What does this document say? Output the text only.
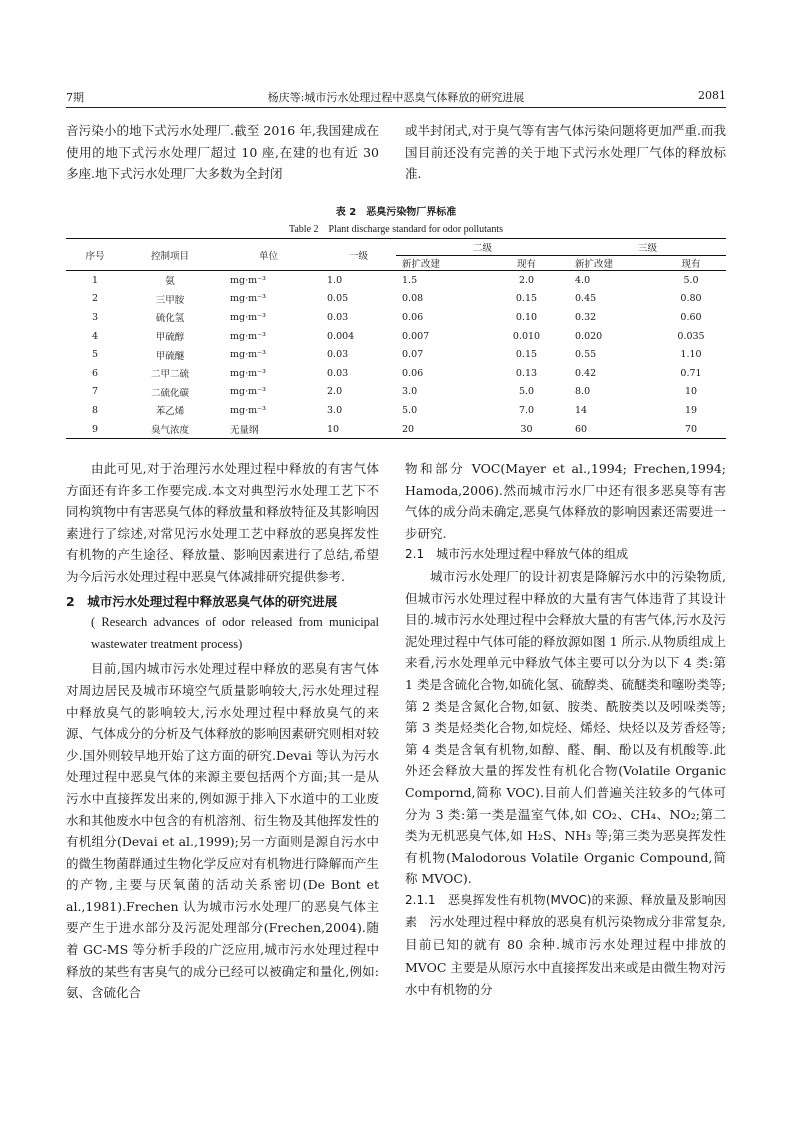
7期	杨庆等:城市污水处理过程中恶臭气体释放的研究进展	2081

音污染小的地下式污水处理厂.截至 2016 年,我国建成在使用的地下式污水处理厂超过 10 座,在建的也有近 30 多座.地下式污水处理厂大多数为全封闭

或半封闭式,对于臭气等有害气体污染问题将更加严重.而我国目前还没有完善的关于地下式污水处理厂气体的释放标准.

表 2　恶臭污染物厂界标准
Table 2　Plant discharge standard for odor pollutants
序号	控制项目	单位	一级	二级		三级	
				新扩改建	现有	新扩改建	现有
1	氨	mg·m⁻³	1.0	1.5	2.0	4.0	5.0
2	三甲胺	mg·m⁻³	0.05	0.08	0.15	0.45	0.80
3	硫化氢	mg·m⁻³	0.03	0.06	0.10	0.32	0.60
4	甲硫醇	mg·m⁻³	0.004	0.007	0.010	0.020	0.035
5	甲硫醚	mg·m⁻³	0.03	0.07	0.15	0.55	1.10
6	二甲二硫	mg·m⁻³	0.03	0.06	0.13	0.42	0.71
7	二硫化碳	mg·m⁻³	2.0	3.0	5.0	8.0	10
8	苯乙烯	mg·m⁻³	3.0	5.0	7.0	14	19
9	臭气浓度	无量纲	10	20	30	60	70

由此可见,对于治理污水处理过程中释放的有害气体方面还有许多工作要完成.本文对典型污水处理工艺下不同构筑物中有害恶臭气体的释放量和释放特征及其影响因素进行了综述,对常见污水处理工艺中释放的恶臭挥发性有机物的产生途径、释放量、影响因素进行了总结,希望为今后污水处理过程中恶臭气体减排研究提供参考.

2　城市污水处理过程中释放恶臭气体的研究进展

( Research advances of odor released from municipal wastewater treatment process)

目前,国内城市污水处理过程中释放的恶臭有害气体对周边居民及城市环境空气质量影响较大,污水处理过程中释放臭气的影响较大,污水处理过程中释放臭气的来源、气体成分的分析及气体释放的影响因素研究则相对较少.国外则较早地开始了这方面的研究.Devai 等认为污水处理过程中恶臭气体的来源主要包括两个方面;其一是从污水中直接挥发出来的,例如源于排入下水道中的工业废水和其他废水中包含的有机溶剂、衍生物及其他挥发性的有机组分(Devai et al.,1999);另一方面则是源自污水中的微生物菌群通过生物化学反应对有机物进行降解而产生的产物,主要与厌氧菌的活动关系密切(De Bont et al.,1981).Frechen 认为城市污水处理厂的恶臭气体主要产生于进水部分及污泥处理部分(Frechen,2004).随着 GC-MS 等分析手段的广泛应用,城市污水处理过程中释放的某些有害臭气的成分已经可以被确定和量化,例如:氨、含硫化合

物和部分 VOC(Mayer et al.,1994; Frechen,1994; Hamoda,2006).然而城市污水厂中还有很多恶臭等有害气体的成分尚未确定,恶臭气体释放的影响因素还需要进一步研究.

2.1　城市污水处理过程中释放气体的组成

城市污水处理厂的设计初衷是降解污水中的污染物质,但城市污水处理过程中释放的大量有害气体违背了其设计目的.城市污水处理过程中会释放大量的有害气体,污水及污泥处理过程中气体可能的释放源如图 1 所示.从物质组成上来看,污水处理单元中释放气体主要可以分为以下 4 类:第 1 类是含硫化合物,如硫化氢、硫醇类、硫醚类和噻吩类等;第 2 类是含氮化合物,如氨、胺类、酰胺类以及吲哚类等;第 3 类是烃类化合物,如烷烃、烯烃、炔烃以及芳香烃等;第 4 类是含氧有机物,如醇、醛、酮、酚以及有机酸等.此外还会释放大量的挥发性有机化合物(Volatile Organic Compornd,简称 VOC).目前人们普遍关注较多的气体可分为 3 类:第一类是温室气体,如 CO₂、CH₄、NO₂;第二类为无机恶臭气体,如 H₂S、NH₃ 等;第三类为恶臭挥发性有机物(Malodorous Volatile Organic Compound,简称 MVOC).

2.1.1　恶臭挥发性有机物(MVOC)的来源、释放量及影响因素　 污水处理过程中释放的恶臭有机污染物成分非常复杂,目前已知的就有 80 余种.城市污水处理过程中排放的 MVOC 主要是从原污水中直接挥发出来或是由微生物对污水中有机物的分
